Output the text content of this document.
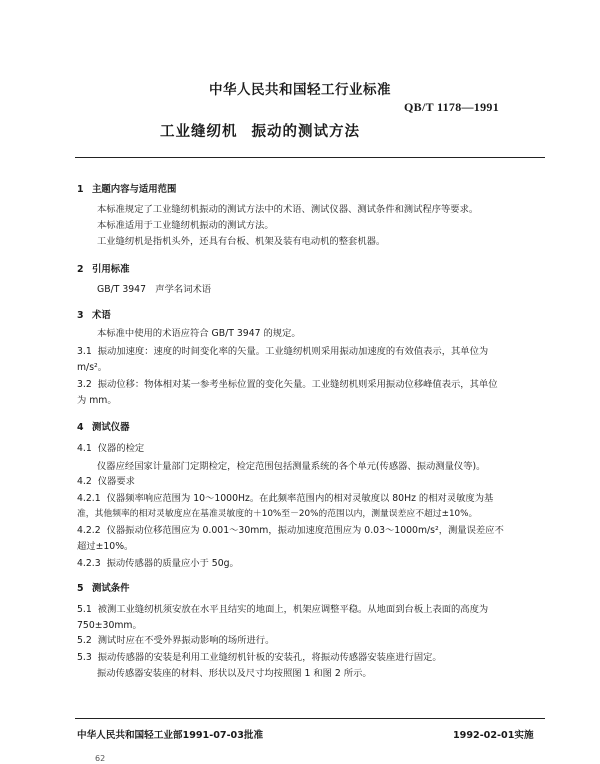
中华人民共和国轻工行业标准
QB/T 1178—1991
工业缝纫机 振动的测试方法
1 主题内容与适用范围
本标准规定了工业缝纫机振动的测试方法中的术语、测试仪器、测试条件和测试程序等要求。
本标准适用于工业缝纫机振动的测试方法。
工业缝纫机是指机头外，还具有台板、机架及装有电动机的整套机器。
2 引用标准
GB/T 3947　声学名词术语
3 术语
本标准中使用的术语应符合 GB/T 3947 的规定。
3.1 振动加速度：速度的时间变化率的矢量。工业缝纫机则采用振动加速度的有效值表示，其单位为
m/s²。
3.2 振动位移：物体相对某一参考坐标位置的变化矢量。工业缝纫机则采用振动位移峰值表示，其单位
为 mm。
4 测试仪器
4.1 仪器的检定
仪器应经国家计量部门定期检定，检定范围包括测量系统的各个单元(传感器、振动测量仪等)。
4.2 仪器要求
4.2.1 仪器频率响应范围为 10～1000Hz。在此频率范围内的相对灵敏度以 80Hz 的相对灵敏度为基
准，其他频率的相对灵敏度应在基准灵敏度的＋10%至－20%的范围以内，测量误差应不超过±10%。
4.2.2 仪器振动位移范围应为 0.001～30mm，振动加速度范围应为 0.03～1000m/s²，测量误差应不
超过±10%。
4.2.3 振动传感器的质量应小于 50g。
5 测试条件
5.1 被测工业缝纫机须安放在水平且结实的地面上，机架应调整平稳。从地面到台板上表面的高度为
750±30mm。
5.2 测试时应在不受外界振动影响的场所进行。
5.3 振动传感器的安装是利用工业缝纫机针板的安装孔，将振动传感器安装座进行固定。
振动传感器安装座的材料、形状以及尺寸均按照图 1 和图 2 所示。
中华人民共和国轻工业部1991-07-03批准	1992-02-01实施
62
